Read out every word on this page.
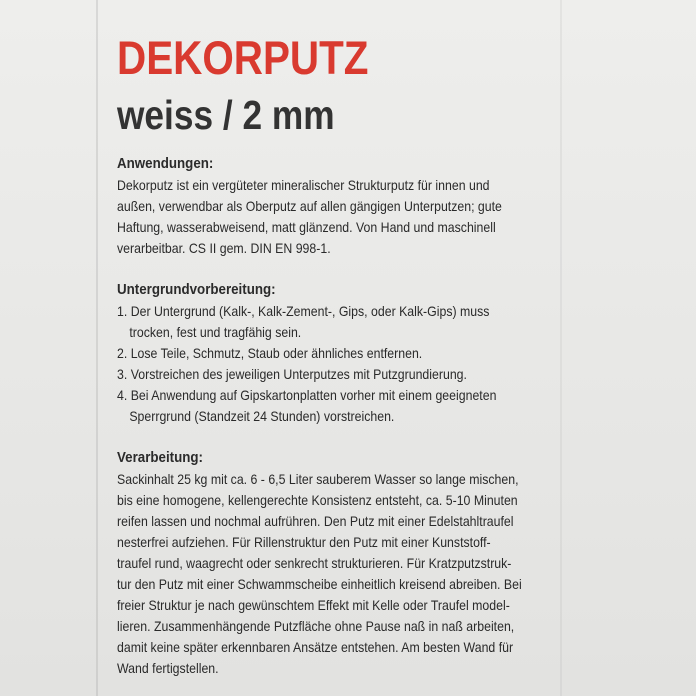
DEKORPUTZ
weiss / 2 mm
Anwendungen:
Dekorputz ist ein vergüteter mineralischer Strukturputz für innen und
außen, verwendbar als Oberputz auf allen gängigen Unterputzen; gute
Haftung, wasserabweisend, matt glänzend. Von Hand und maschinell
verarbeitbar. CS II gem. DIN EN 998-1.
Untergrundvorbereitung:
1. Der Untergrund (Kalk-, Kalk-Zement-, Gips, oder Kalk-Gips) muss
trocken, fest und tragfähig sein.
2. Lose Teile, Schmutz, Staub oder ähnliches entfernen.
3. Vorstreichen des jeweiligen Unterputzes mit Putzgrundierung.
4. Bei Anwendung auf Gipskartonplatten vorher mit einem geeigneten
Sperrgrund (Standzeit 24 Stunden) vorstreichen.
Verarbeitung:
Sackinhalt 25 kg mit ca. 6 - 6,5 Liter sauberem Wasser so lange mischen,
bis eine homogene, kellengerechte Konsistenz entsteht, ca. 5-10 Minuten
reifen lassen und nochmal aufrühren. Den Putz mit einer Edelstahltraufel
nesterfrei aufziehen. Für Rillenstruktur den Putz mit einer Kunststoff-
traufel rund, waagrecht oder senkrecht strukturieren. Für Kratzputzstruk-
tur den Putz mit einer Schwammscheibe einheitlich kreisend abreiben. Bei
freier Struktur je nach gewünschtem Effekt mit Kelle oder Traufel model-
lieren. Zusammenhängende Putzfläche ohne Pause naß in naß arbeiten,
damit keine später erkennbaren Ansätze entstehen. Am besten Wand für
Wand fertigstellen.
